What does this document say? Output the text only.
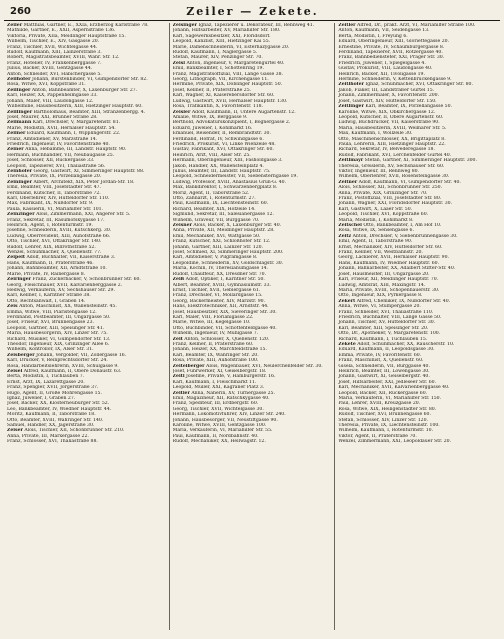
260	Zeiler — Zekete.
Zeiler Matthias, Gärtner, E., XXIa, Erzherzog Karlstraße 78.
Mathilde, Gärtner, E., XXII, Aspernstraße 136.
Viktoria, Private, XIIa, Meidlinger Hauptstraße 15.
Wilhelm, Tischler, E., XIV, Gasgasse 20.
Franz, Tischler, XVII, Wichtelgasse 44.
Rudolf, Kaufmann, XIII, Lainzerstraße 3.
Robert, Magistratsbeamter, XVIII, Währ. Str. 12.
Franz, Hotelier, IV, Frankenberggasse 7.
Julius, Bäcker, XVIII, Gentzgasse 44.
Anton, Schneider, XVI, Habichergasse 5.
Zeilhofer Johann, Bürstenbinder, VI, Gumpendorfer Str. 82.
Rosa, Witwe, XVI, Koppstraße 31.
Zeilinger Anton, Bahnbeamter, X, Laxenburger Str. 27.
Karl, Heizer, XX, Pappenheimgasse 33.
Johann, Maler, VIII, Laudongasse 12.
Wilhelmine, Hausbesitzerin, XIII, Hietzinger Hauptstr. 60.
Zeillinger Bartholomäus, Beamter, XIII, Stranzenbergg. 4.
Josef, Maurer, XXI, Brünner Straße 28.
Zeilmann Karl, Drechsler, V, Margaretenstr. 81.
Marie, Modistin, XVII, Hernalser Hauptstr. 54.
Zeilner Eduard, Kaufmann, I, Wipplingerstr. 22.
Franz, Amtsdiener, XV, Märzstraße 14.
Friedrich, Ingenieur, IV, Favoritenstraße 40.
Zeiner Anna, Hebamme, III, Landstr. Hauptstr. 90.
Hermann, Buchhändler, VII, Neubaugasse 25.
Josef, Schlosser, XII, Ruckergasse 33.
Leopold, Tapezierer, XVI, Thaliastraße 56.
Zeinhofer Georg, Gastwirt, XI, Simmeringer Hauptstr. 88.
Theresia, Private, IX, Porzellangasse 20.
Zeininger Albert, Architekt, XIX, Peter Jordan-Str. 18.
Emil, Beamter, VIII, Josefstädter Str. 47.
Ferdinand, Kutscher, II, Taborstraße 72.
Karl, Oberlehrer, XIV, Hütteldorfer Str. 110.
Max, Fabrikant, IX, Nußdorfer Str. 9.
Paula, Kassierin, VI, Mariahilfer Str. 101.
Zeinzinger Alois, Zimmermann, XXI, Angerer Str. 5.
Franz, Sekretär, III, Rasumofskygasse 17.
Heinrich, Agent, I, Rotenturmstr. 19.
Josefine, Schneiderin, XVIII, Kutschkerg. 30.
Ludwig, Oberrevident, XIII, Auhofstraße 66.
Otto, Tischler, XVI, Ottakringer Str. 140.
Rudolf, Lehrer, XIX, Billrothstraße 52.
Wenzel, Schuhmacher, X, Quellenstr. 77.
Zeipelt Adolf, Buchhalter, VII, Kaiserstraße 3.
Hans, Kaufmann, II, Praterstraße 46.
Johann, Bahnbeamter, XII, Arndtstraße 10.
Marie, Private, IV, Rainergasse 8.
Zeiringer Franz, Zuckerbäcker, V, Schönbrunner Str. 60.
Georg, Fleischhauer, XVII, Kalvarienberggasse 2.
Hedwig, Verkäuferin, XV, Sechshauser Str. 29.
Karl, Kellner, I, Kärntner Straße 38.
Otto, Rechtsanwalt, I, Graben 14.
Zeis Anton, Maschinist, XX, Wallensteinstr. 45.
Emma, Witwe, VIII, Piaristengasse 12.
Ferdinand, Postbeamter, III, Ungargasse 50.
Josef, Friseur, XVI, Brunnengasse 23.
Leopold, Gärtner, XIII, Speisinger Str. 41.
Maria, Hausbesorgerin, XIV, Linzer Str. 75.
Richard, Musiker, VI, Gumpendorfer Str. 13.
Theodor, Ingenieur, XIX, Grinzinger Allee 6.
Wilhelm, Kontrollor, IX, Alser Str. 31.
Zeisberger Johann, Vergolder, VII, Zollergasse 16.
Karl, Drucker, V, Reinprechtsdorfer Str. 24.
Rosa, Handarbeitslehrerin, XVIII, Schulgasse 9.
Zeisel Alfred, Kaufmann, II, Obere Donaustr. 63.
Berta, Modistin, I, Tuchlauben 7.
Ernst, Arzt, IX, Lazarettgasse 20.
Franz, Spengler, XVII, Jörgerstraße 37.
Hugo, Agent, II, Große Mohrengasse 15.
Ignaz, Juwelier, I, Graben 27.
Josef, Bäcker, XX, Klosterneuburger Str. 52.
Leo, Bankbeamter, IV, Wiedner Hauptstr. 44.
Moritz, Kaufmann, II, Taborstraße 18.
Otto, Beamter, XVIII, Währinger Str. 140.
Samuel, Händler, XX, Jägerstraße 30.
Zeiser Alois, Tischler, XII, Schönbrunner Str. 210.
Anna, Private, III, Marxergasse 22.
Franz, Schlosser, XVI, Thaliastraße 88.
Zeisinger Ignaz, Tapezierer u. Dekorateur, III, Rennweg 41.
Johann, Hilfsarbeiter, XV, Mariahilfer Str. 180.
Karl, Sägewerksbesitzer, XXI, Floridsdorf.
Leopold, Kanzlist, XIII, Hietzinger Kai 55.
Marie, Damenschneiderin, VI, Esterházygasse 20.
Rudolf, Kaufmann, I, Naglergasse 5.
Stefan, Maurer, XIV, Penzinger Str. 70.
Zeisl Anton, Ingenieur, V, Margaretengürtel 40.
Emil, Bankbeamter, I, Schottenring 19.
Franz, Magistratsoffizial, VIII, Lange Gasse 38.
Georg, Lithograph, VII, Kirchengasse 11.
Hermine, Private, XIX, Döblinger Hauptstr. 50.
Josef, Kellner, II, Praterstraße 25.
Karl, Wagner, XI, Kaiserebersdorfer Str. 60.
Ludwig, Gastwirt, XVII, Hernalser Hauptstr. 130.
Rosa, Trafikantin, X, Favoritenstr. 118.
Zeisler Adolf, Kaufmann, II, Untere Augartenstr. 12.
Amalie, Witwe, IX, Berggasse 9.
Berthold, Advokaturskonzipient, I, Bognergasse 2.
Eduard, Juwelier, I, Kohlmarkt 16.
Emanuel, Reisender, II, Rembrandtstr. 30.
Ferdinand, Hofrat, IV, Schwindgasse 6.
Friedrich, Prokurist, VI, Linke Wienzeile 48.
Gustav, Fabrikant, XVI, Ottakringer Str. 60.
Heinrich, Arzt, VIII, Alser Str. 25.
Hermann, Oberingenieur, XIII, Fasholdgasse 3.
Jakob, Händler, XX, Wallensteinplatz 4.
Julius, Beamter, III, Landstr. Hauptstr. 75.
Leopold, Schneidermeister, VII, Siebensterngasse 19.
Ludwig, Professor, XVIII, Anastasius Grün-G. 40.
Max, Bankdirektor, I, Schwarzenbergplatz 8.
Moriz, Agent, II, Taborstraße 52.
Otto, Zahnarzt, I, Rotenturmstr. 27.
Paul, Kaufmann, IX, Liechtensteinstr. 60.
Richard, Beamter, XIX, Hofzeile 14.
Sigmund, Sekretär, III, Salesianergasse 12.
Wilhelm, Graveur, VII, Burggasse 70.
Zeisner Alois, Bäcker, X, Laxenburger Str. 40.
Anna, Private, XII, Meidlinger Hauptstr. 28.
Emil, Mechaniker, XVI, Wattgasse 50.
Franz, Kutscher, XXI, Schloßhofer Str. 12.
Johann, Gärtner, XIII, Lainzer Str. 120.
Josef, Schmied, XI, Simmeringer Hauptstr. 200.
Karl, Amtsdiener, V, Pilgramgasse 8.
Leopoldine, Schneiderin, XV, Goldschlagstr. 30.
Maria, Köchin, IV, Theresianumgasse 14.
Rudolf, Chauffeur, XX, Dresdner Str. 70.
Zeiß Adolf, Optiker, I, Kärntner Str. 50.
Albert, Beamter, XVIII, Gymnasiumstr. 33.
Ernst, Tischler, XVII, Geblergasse 61.
Franz, Drechsler, VI, Mollardgasse 15.
Georg, Bäckermeister, XIV, Märzstr. 90.
Hans, Elektrotechniker, XII, Arndtstr. 44.
Josef, Hausbesitzer, XIX, Sieveringer Str. 30.
Karl, Maler, VIII, Florianigasse 22.
Marie, Witwe, III, Kegelgasse 10.
Otto, Buchbinder, VII, Schottenfeldgasse 40.
Wilhelm, Ingenieur, IV, Mühlgasse 7.
Zeit Anton, Schlosser, X, Quellenstr. 120.
Franz, Kellner, II, Praterstraße 60.
Johann, Heizer, XX, Marchfeldstraße 15.
Karl, Beamter, IX, Währinger Str. 20.
Rosa, Private, XIII, Auhofstraße 100.
Zeitelberger Alois, Wagenbauer, XVI, Neulerchenfelder Str. 30.
Josef, Fuhrwerker, XI, Geiselbergstr. 18.
Zeitl Josefine, Private, V, Hamburgerstr. 16.
Karl, Kaufmann, I, Fleischmarkt 11.
Leopold, Müller, XXI, Kagraner Platz 3.
Zeitler Anna, Näherin, XV, Turnergasse 25.
Emil, Magazineur, XII, Ratschkygasse 40.
Franz, Spediteur, III, Erdbergstr. 60.
Georg, Tischler, XVII, Wichtelgasse 30.
Hermann, Lokomotivführer, XIV, Linzer Str. 240.
Johann, Hausbesorger, VII, Neustiftgasse 90.
Karoline, Witwe, XVIII, Gentzgasse 100.
Maria, Verkäuferin, VI, Mariahilfer Str. 55.
Paul, Kaufmann, II, Nordbahnstr. 40.
Rudolf, Mechaniker, XX, Hellwagstr. 12.
Zeitler Alfred, Dr., prakt. Arzt, VI, Mariahilfer Straße 100.
Anton, Kaufmann, VII, Seidengasse 13.
Berta, Modistin, I, Freyung 6.
Eduard, Oberingenieur, XIII, Gloriettegasse 20.
Ernestine, Private, IV, Schaumburgergasse 8.
Ferdinand, Tapezierer, XVII, Rötzergasse 40.
Franz, Bahnbediensteter, XXI, Prager Str. 30.
Friedrich, Juwelier, I, Spiegelgasse 4.
Gustav, Prokurist, VIII, Laudongasse 40.
Heinrich, Bäcker, XII, Tivoligasse 19.
Hermine, Schneiderin, V, Kettenbrückengasse 9.
Zeitlhofer Ignaz, Schuhmacher, XVI, Ottakringer Str. 80.
Jakob, Fiaker, III, Landstraßer Gürtel 15.
Johann, Zimmermaler, X, Favoritenstr. 200.
Josef, Gastwirt, XIV, Hütteldorfer Str. 150.
Zeitlinger Karl, Beamter, IX, Porzellangasse 50.
Karoline, Witwe, XIX, Obkirchergasse 12.
Leopold, Kutscher, II, Obere Augartenstr. 60.
Ludwig, Buchdrucker, VII, Kaiserstraße 90.
Maria, Hausbesitzerin, XVIII, Weimarer Str. 5.
Max, Kaufmann, I, Wollzeile 30.
Otto, Maschinenschlosser, XX, Brigittaplatz 8.
Paula, Lehrerin, XIII, Hietzinger Hauptstr. 22.
Richard, Sekretär, IV, Belvederegasse 18.
Rudolf, Fabrikant, XVI, Lerchenfelder Gürtel 40.
Zeitlmayr Stefan, Gärtner, XI, Simmeringer Hauptstr. 300.
Theresia, Greislerin, XV, Sechshauser Str. 60.
Viktor, Ingenieur, III, Rennweg 80.
Wilhelm, Oberlehrer, XVII, Rosensteingasse 30.
Zeitner Adolf, Kaufmann, VI, Gumpendorfer Str. 40.
Alois, Schlosser, XII, Schönbrunner Str. 250.
Anna, Private, XIX, Grinzinger Str. 70.
Franz, Postoffizial, VIII, Josefstädter Str. 80.
Johann, Wagner, XXI, Floridsdorfer Hauptstr. 30.
Karl, Gastwirt, X, Laaer Str. 50.
Leopold, Tischler, XVI, Koppstraße 60.
Maria, Modistin, I, Kohlmarkt 8.
Zeitschel Otto, Bankbeamter, I, Am Hof 10.
Rosa, Witwe, IX, Sensengasse 6.
Zeitz Anton, Drechsler, V, Siebenbrunnengasse 30.
Emil, Agent, II, Taborstraße 90.
Ernst, Mechaniker, XIV, Hütteldorfer Str. 60.
Franz, Kellner, VII, Westbahnstr. 20.
Georg, Lackierer, XVII, Hernalser Hauptstr. 90.
Hans, Kaufmann, IV, Wiedner Hauptstr. 60.
Johann, Bahnarbeiter, XX, Adalbert Stifter-Str. 40.
Josef, Hausmeister, III, Ungargasse 20.
Karl, Friseur, XII, Meidlinger Hauptstr. 70.
Ludwig, Amtsrat, XIII, Maxingstr. 14.
Maria, Private, XVIII, Schopenhauerstr. 30.
Otto, Ingenieur, XIX, Pyrkergasse 8.
Zekert Alfred, Chemiker, IX, Nußdorfer Str. 40.
Anna, Witwe, VI, Stumpergasse 20.
Franz, Schneider, XVI, Thaliastraße 110.
Friedrich, Buchhalter, VIII, Lange Gasse 50.
Johann, Tischler, XV, Hütteldorfer Str. 30.
Karl, Beamter, XIII, Speisinger Str. 20.
Otto, Dr., Apotheker, V, Margaretenstr. 100.
Richard, Kaufmann, I, Tuchlauben 15.
Zekete Adolf, Schuhmacher, XX, Rauscherstr. 10.
Eduard, Kaufmann, II, Leopoldsgasse 30.
Emma, Private, IV, Favoritenstr. 60.
Franz, Maschinist, X, Quellenstr. 60.
Gisela, Schneiderin, VII, Burggasse 40.
Heinrich, Beamter, III, Löwengasse 30.
Johann, Gastwirt, XI, Geiselbergstr. 40.
Josef, Hilfsarbeiter, XXI, Jedleseer Str. 60.
Karl, Mechaniker, XVII, Kalvarienberggasse 40.
Leopold, Bäcker, XII, Ruckergasse 60.
Maria, Verkäuferin, VI, Mariahilfer Str. 150.
Paul, Lehrer, XVIII, Kreuzgasse 20.
Rosa, Witwe, XIX, Heiligenstädter Str. 80.
Rudolf, Tischler, XVI, Brunnengasse 60.
Stefan, Schlosser, XIV, Linzer Str. 120.
Theresia, Private, IX, Liechtensteinstr. 100.
Wilhelm, Kaufmann, I, Rotenturmstr. 10.
Viktor, Agent, II, Praterstraße 70.
Wenzel, Zimmermann, XXI, Leopoldauer Str. 20.
